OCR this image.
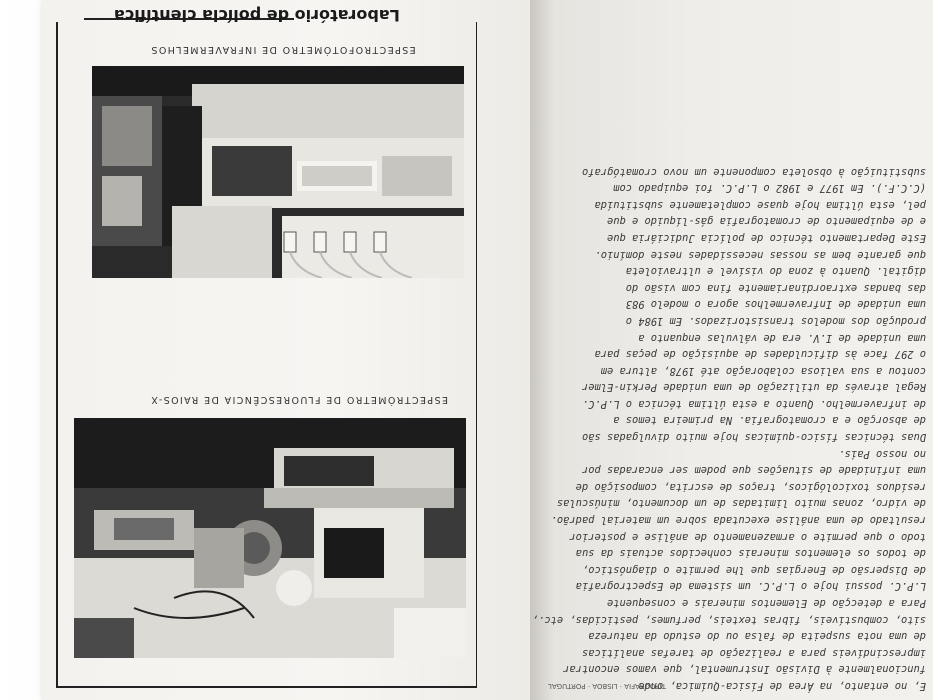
Laboratório de polícia científica
ESPECTROFOTÓMETRO DE INFRAVERMELHOS
ESPECTRÓMETRO DE FLUORESCÊNCIA DE RAIOS-X

E, no entanto, na Área de Física-Química, onde

funcionalmente à Divisão Instrumental, que vamos encontrar

imprescindíveis para a realização de tarefas analíticas

de uma nota suspeita de falsa ou do estudo da natureza

sito, combustíveis, fibras texteis, perfumes, pesticidas, etc.,

Para a detecção de Elementos minerais e consequente

L.P.C. possui hoje o L.P.C. um sistema de Espectrografia

de Dispersão de Energias que lhe permite o diagnóstico,

de todos os elementos minerais conhecidos actuais da sua

todo o que permite o armazenamento de análise e posterior

resultado de uma análise executada sobre um material padrão.

de vidro, zonas muito limitadas de um documento, minúsculas

resíduos toxicológicos, traços de escrita, composição de

uma infinidade de situações que podem ser encaradas por

no nosso País.

Duas técnicas físico-químicas hoje muito divulgadas são

de absorção e a cromatografia. Na primeira temos a

de infravermelho. Quanto a esta última técnica o L.P.C.

Regal através da utilização de uma unidade Perkin-Elmer

contou a sua valiosa colaboração até 1978, altura em

o 297 face às dificuldades de aquisição de peças para

uma unidade de I.V. era de válvulas enquanto a

produção dos modelos transistorizados. Em 1984 o

uma unidade de Infravermelhos agora o modelo 983

das bandas extraordinariamente fina com visão do

digital. Quanto à zona do visível e ultravioleta

que garante bem as nossas necessidades neste domínio.

Este Departamento técnico de polícia Judiciária que

e de equipamento de cromatografia gás-líquido e que

pel, esta última hoje quase completamente substituída

(C.C.F.). Em 1977 e 1982 o L.P.C. foi equipado com

substituição à obsoleta componente um novo cromatógrafo

TIPOGRAFIA · LISBOA · PORTUGAL
